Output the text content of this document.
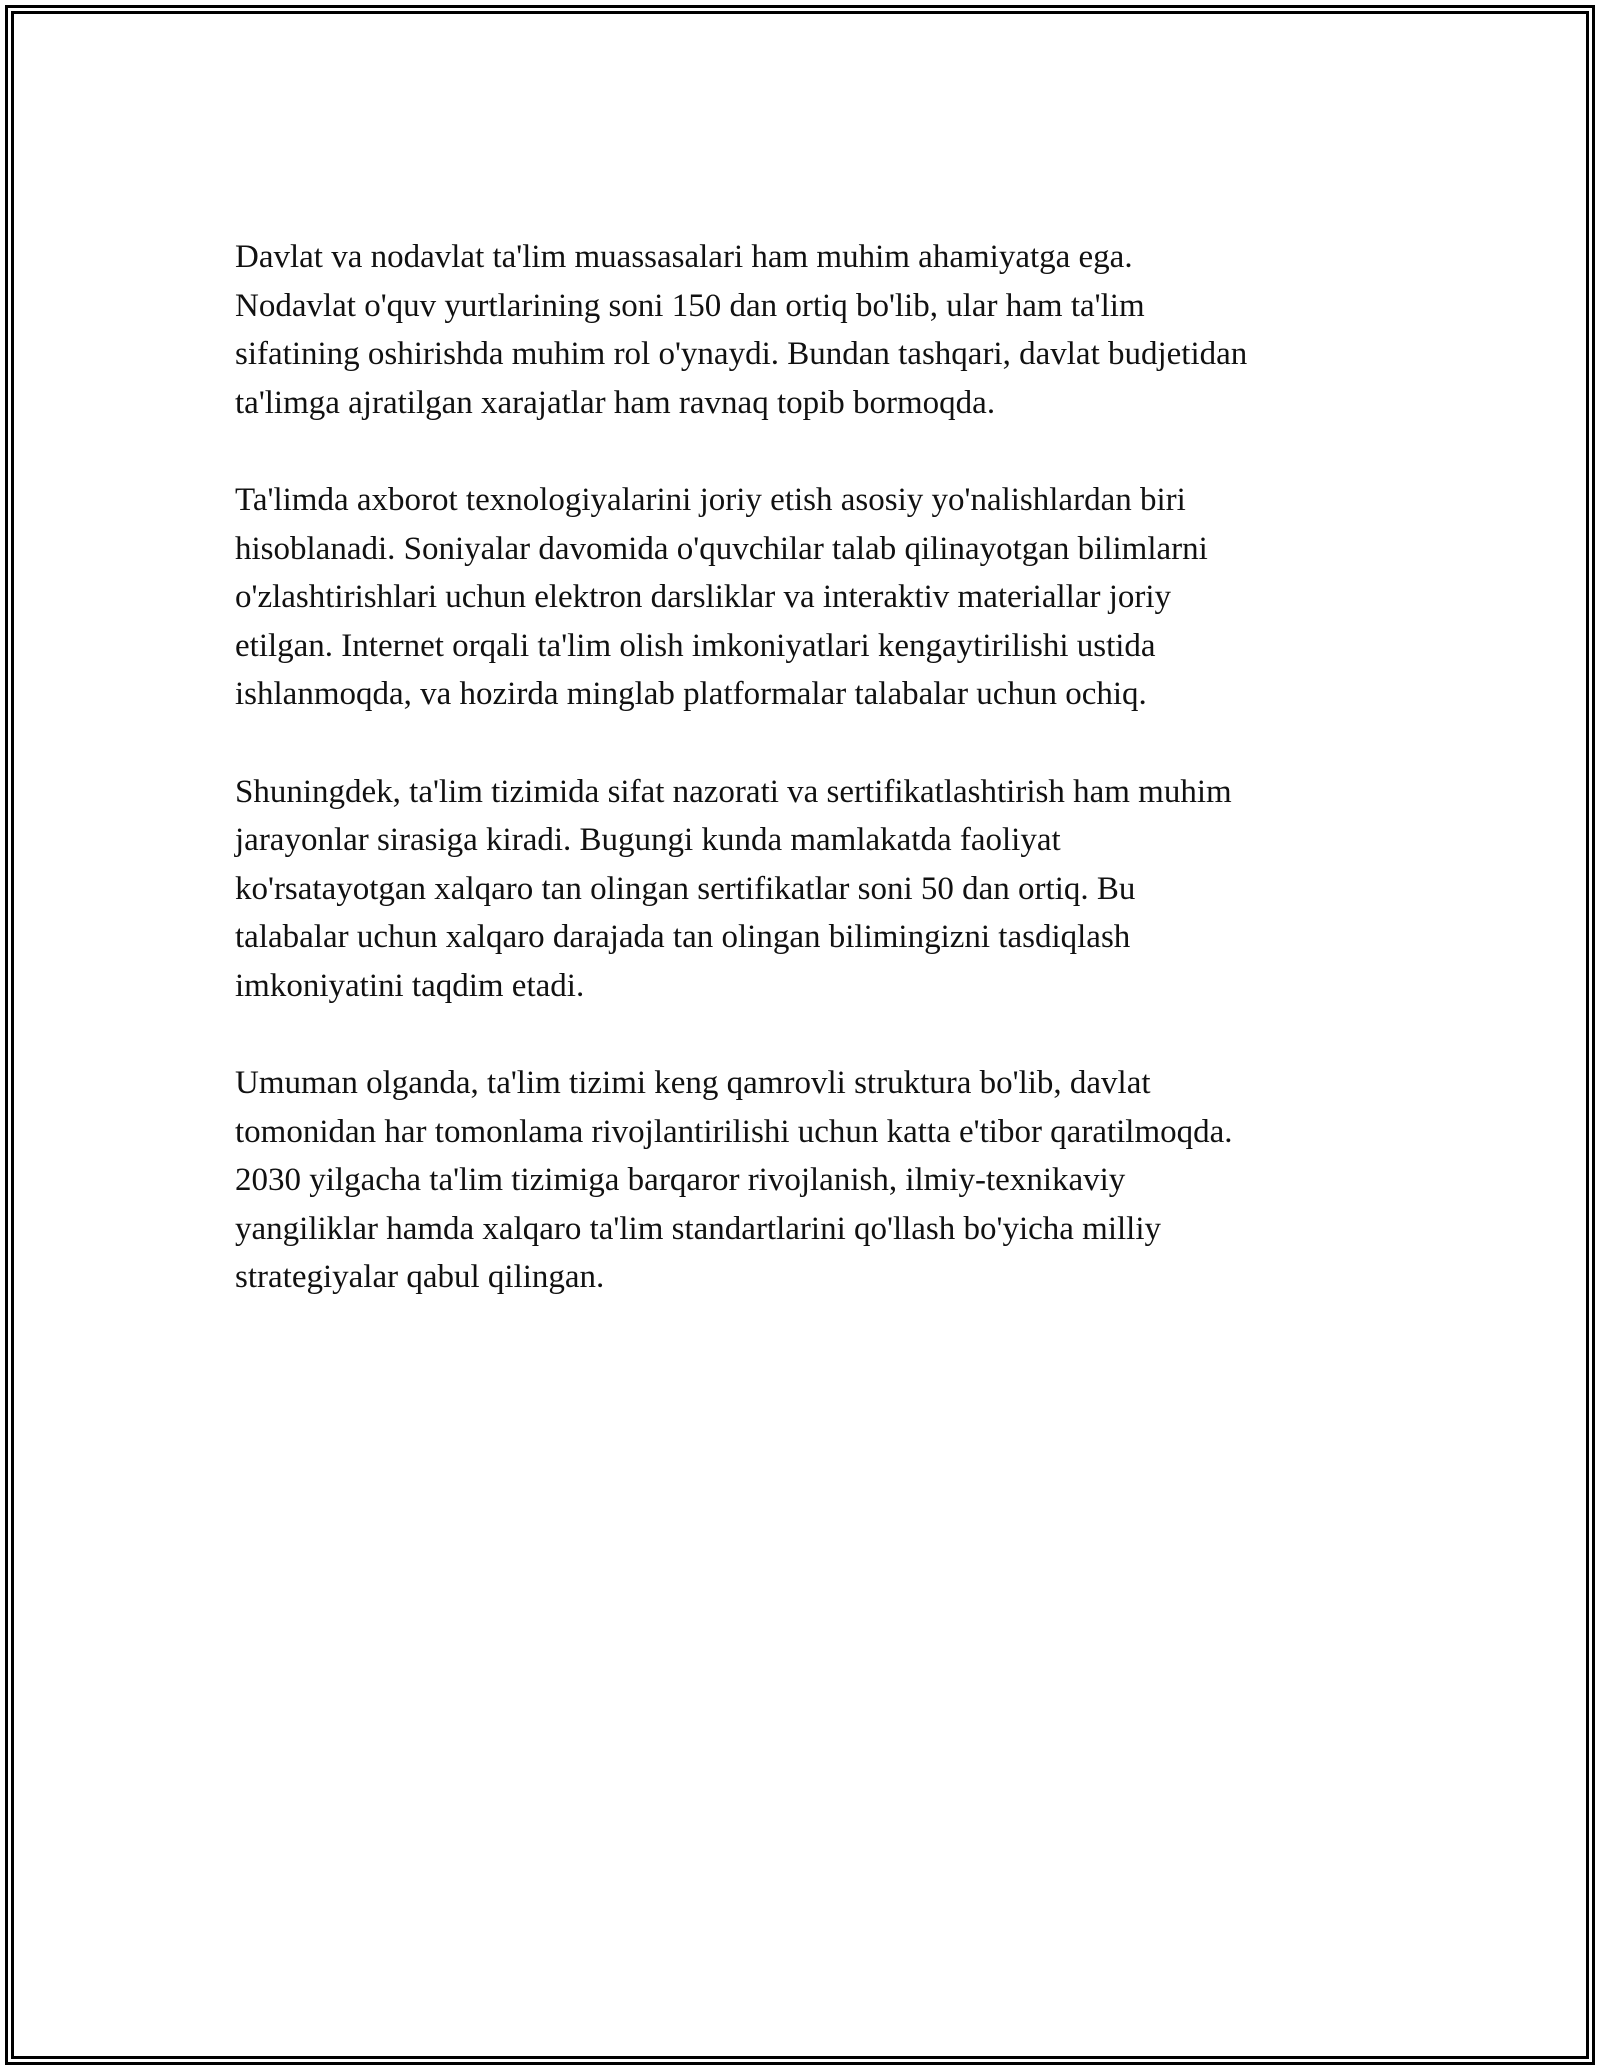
Davlat va nodavlat ta'lim muassasalari ham muhim ahamiyatga ega.
Nodavlat o'quv yurtlarining soni 150 dan ortiq bo'lib, ular ham ta'lim
sifatining oshirishda muhim rol o'ynaydi. Bundan tashqari, davlat budjetidan
ta'limga ajratilgan xarajatlar ham ravnaq topib bormoqda.

Ta'limda axborot texnologiyalarini joriy etish asosiy yo'nalishlardan biri
hisoblanadi. Soniyalar davomida o'quvchilar talab qilinayotgan bilimlarni
o'zlashtirishlari uchun elektron darsliklar va interaktiv materiallar joriy
etilgan. Internet orqali ta'lim olish imkoniyatlari kengaytirilishi ustida
ishlanmoqda, va hozirda minglab platformalar talabalar uchun ochiq.

Shuningdek, ta'lim tizimida sifat nazorati va sertifikatlashtirish ham muhim
jarayonlar sirasiga kiradi. Bugungi kunda mamlakatda faoliyat
ko'rsatayotgan xalqaro tan olingan sertifikatlar soni 50 dan ortiq. Bu
talabalar uchun xalqaro darajada tan olingan bilimingizni tasdiqlash
imkoniyatini taqdim etadi.

Umuman olganda, ta'lim tizimi keng qamrovli struktura bo'lib, davlat
tomonidan har tomonlama rivojlantirilishi uchun katta e'tibor qaratilmoqda.
2030 yilgacha ta'lim tizimiga barqaror rivojlanish, ilmiy-texnikaviy
yangiliklar hamda xalqaro ta'lim standartlarini qo'llash bo'yicha milliy
strategiyalar qabul qilingan.
